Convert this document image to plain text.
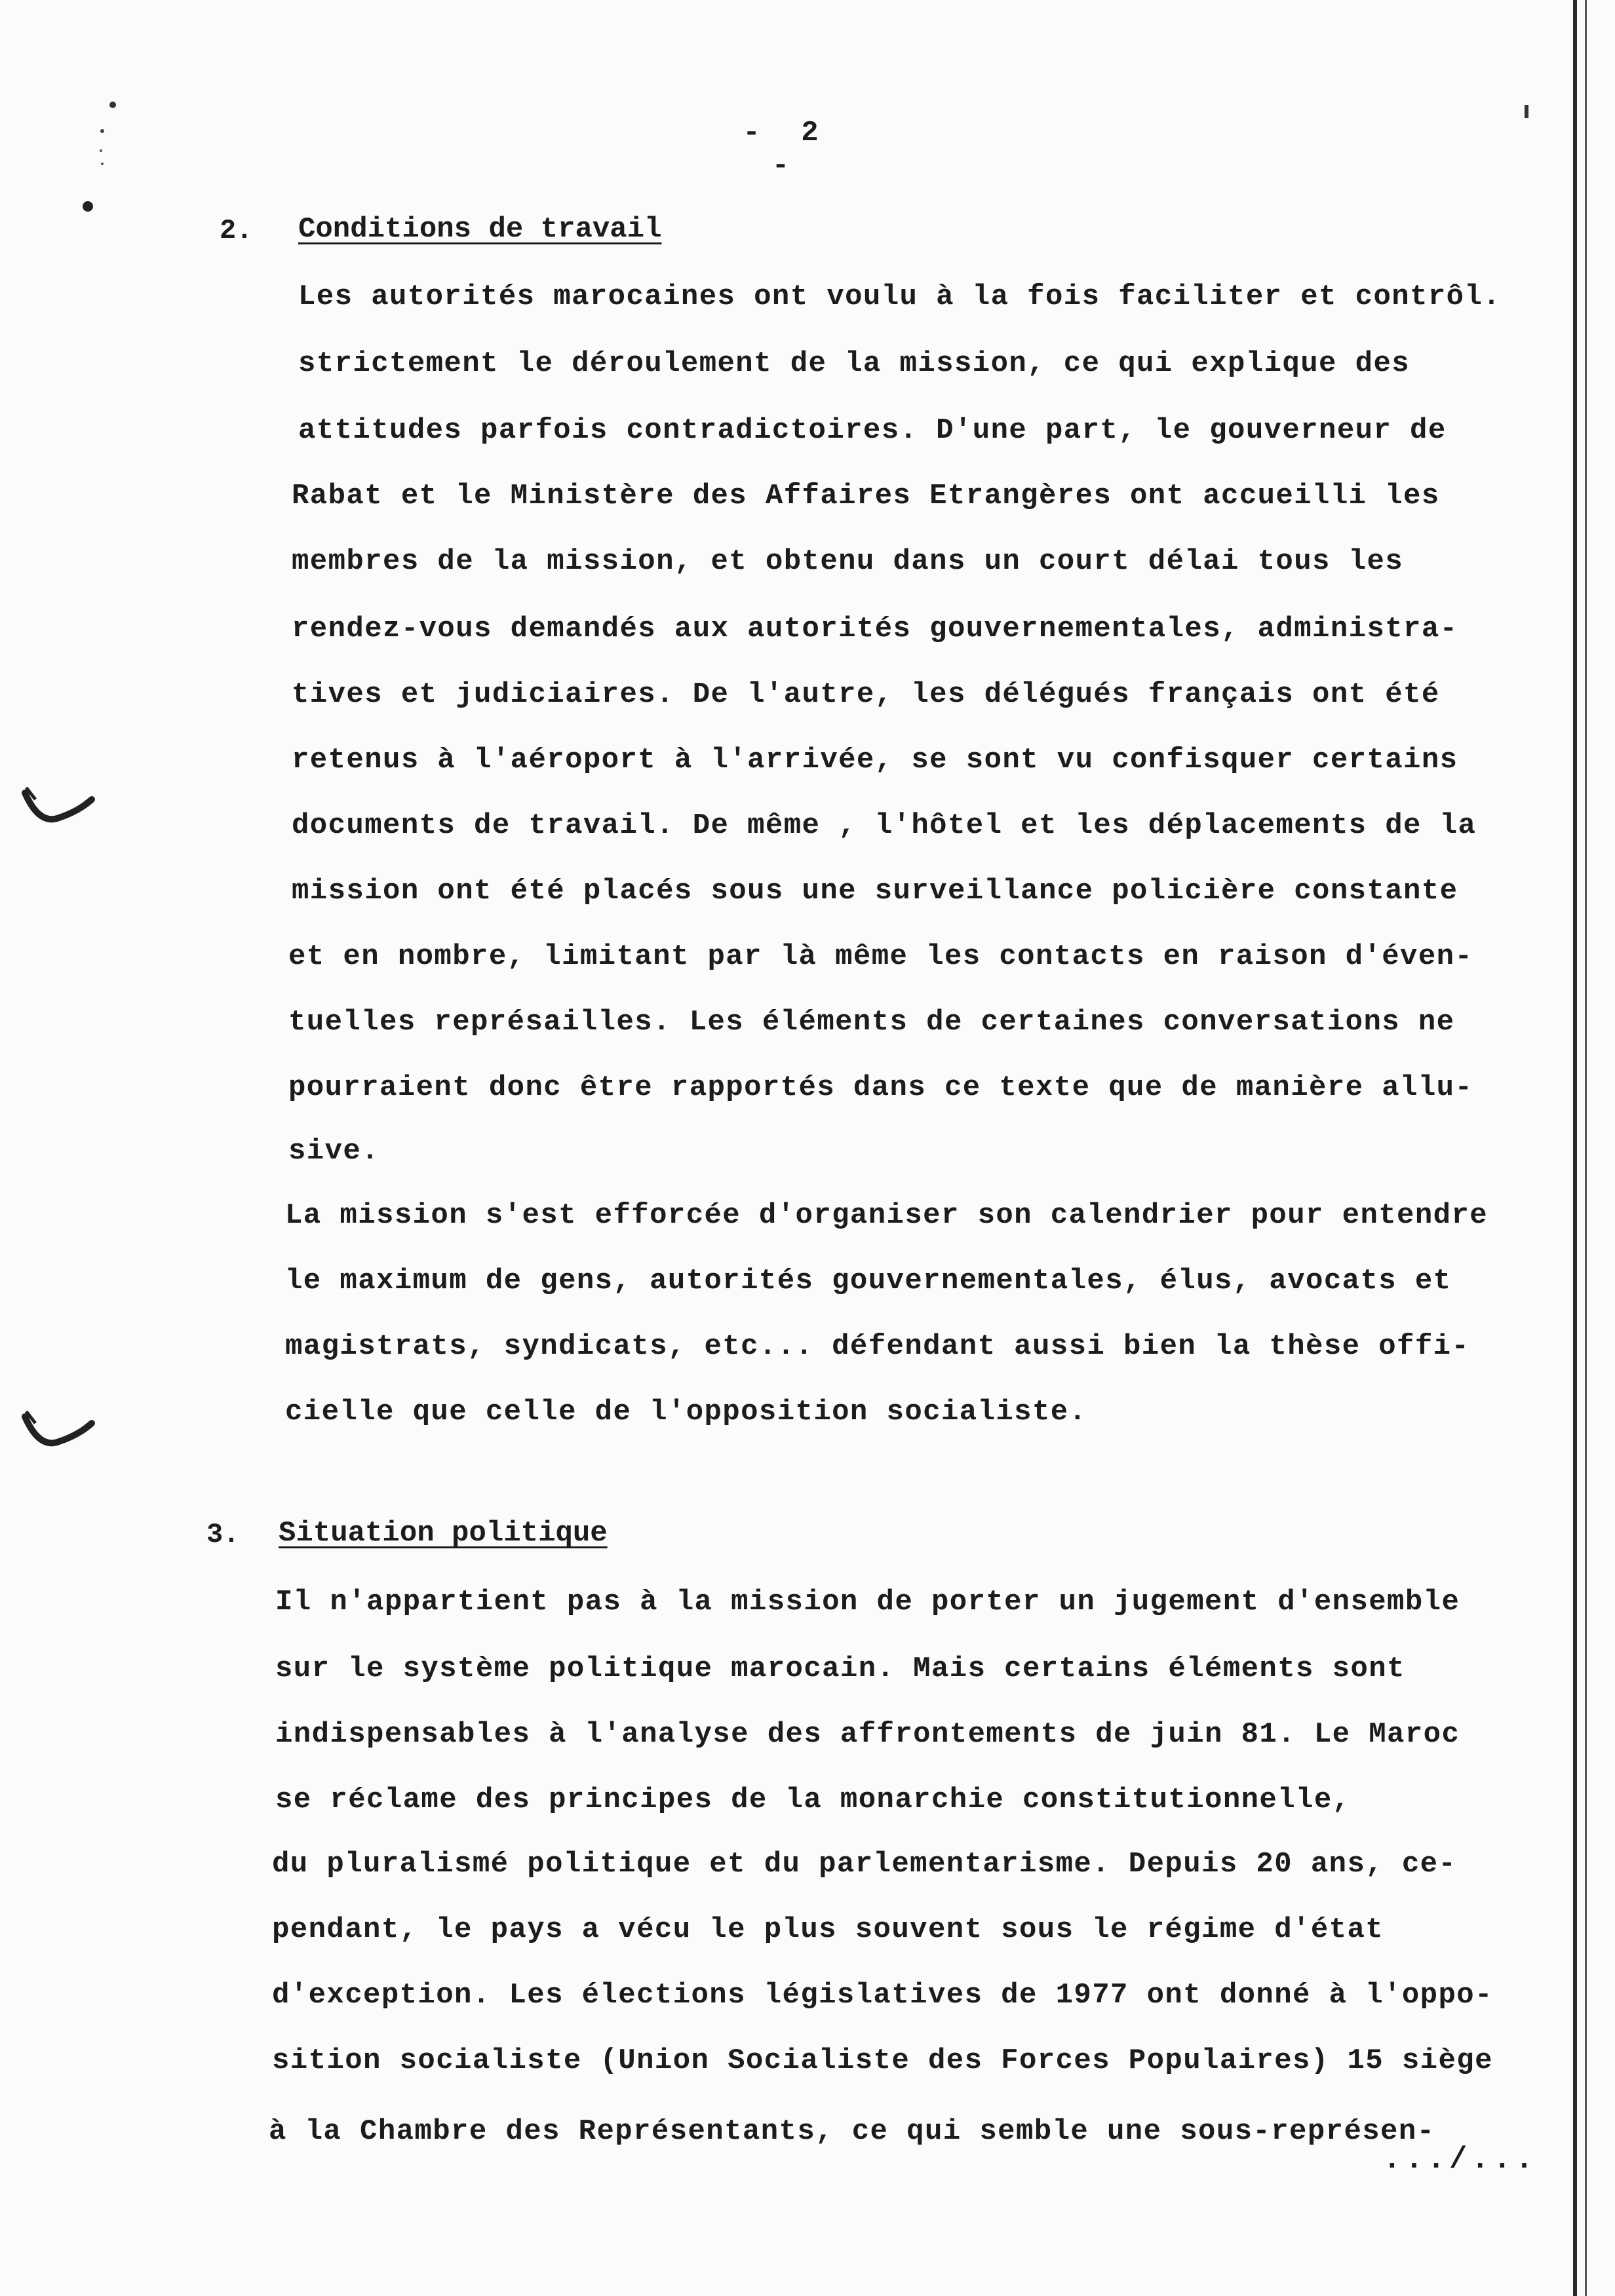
- 2 -
2. Conditions de travail
Les autorités marocaines ont voulu à la fois faciliter et contrôl.
strictement le déroulement de la mission, ce qui explique des
attitudes parfois contradictoires. D'une part, le gouverneur de
Rabat et le Ministère des Affaires Etrangères ont accueilli les
membres de la mission, et obtenu dans un court délai tous les
rendez-vous demandés aux autorités gouvernementales, administra-
tives et judiciaires. De l'autre, les délégués français ont été
retenus à l'aéroport à l'arrivée, se sont vu confisquer certains
documents de travail. De même , l'hôtel et les déplacements de la
mission ont été placés sous une surveillance policière constante
et en nombre, limitant par là même les contacts en raison d'éven-
tuelles représailles. Les éléments de certaines conversations ne
pourraient donc être rapportés dans ce texte que de manière allu-
sive.
La mission s'est efforcée d'organiser son calendrier pour entendre
le maximum de gens, autorités gouvernementales, élus, avocats et
magistrats, syndicats, etc... défendant aussi bien la thèse offi-
cielle que celle de l'opposition socialiste.
3. Situation politique
Il n'appartient pas à la mission de porter un jugement d'ensemble
sur le système politique marocain. Mais certains éléments sont
indispensables à l'analyse des affrontements de juin 81. Le Maroc
se réclame des principes de la monarchie constitutionnelle,
du pluralismé politique et du parlementarisme. Depuis 20 ans, ce-
pendant, le pays a vécu le plus souvent sous le régime d'état
d'exception. Les élections législatives de 1977 ont donné à l'oppo-
sition socialiste (Union Socialiste des Forces Populaires) 15 siège
à la Chambre des Représentants, ce qui semble une sous-représen-
.../...
